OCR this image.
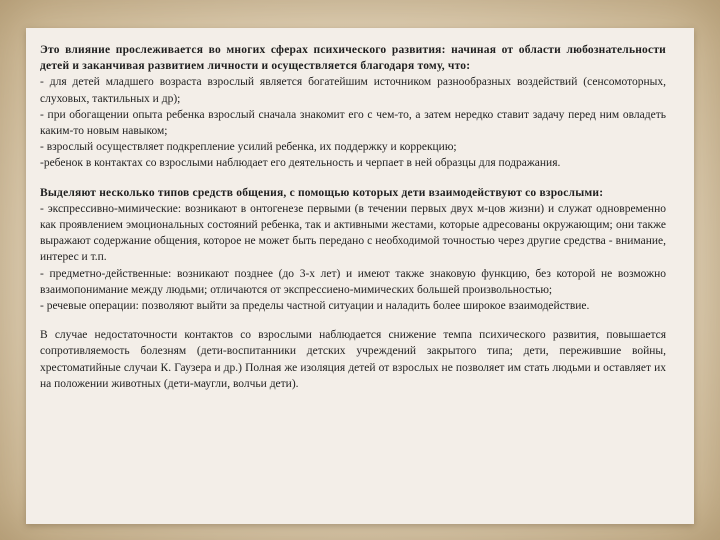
Это влияние прослеживается во многих сферах психического развития: начиная от области любознательности детей и заканчивая развитием личности и осуществляется благодаря тому, что:

- для детей младшего возраста взрослый является богатейшим источником разнообразных воздействий (сенсомоторных, слуховых, тактильных и др);

- при обогащении опыта ребенка взрослый сначала знакомит его с чем-то, а затем нередко ставит задачу перед ним овладеть каким-то новым навыком;

- взрослый осуществляет подкрепление усилий ребенка, их поддержку и коррекцию;

-ребенок в контактах со взрослыми наблюдает его деятельность и черпает в ней образцы для подражания.

Выделяют несколько типов средств общения, с помощью которых дети взаимодействуют со взрослыми:

- экспрессивно-мимические: возникают в онтогенезе первыми (в течении первых двух м-цов жизни) и служат одновременно как проявлением эмоциональных состояний ребенка, так и активными жестами, которые адресованы окружающим; они также выражают содержание общения, которое не может быть передано с необходимой точностью через другие средства - внимание, интерес и т.п.

- предметно-действенные: возникают позднее (до 3-х лет) и имеют также знаковую функцию, без которой не возможно взаимопонимание между людьми; отличаются от экспрессиено-мимических большей произвольностью;

- речевые операции: позволяют выйти за пределы частной ситуации и наладить более широкое взаимодействие.

В случае недостаточности контактов со взрослыми наблюдается снижение темпа психического развития, повышается сопротивляемость болезням (дети-воспитанники детских учреждений закрытого типа; дети, пережившие войны, хрестоматийные случаи К. Гаузера и др.) Полная же изоляция детей от взрослых не позволяет им стать людьми и оставляет их на положении животных (дети-маугли, волчьи дети).
